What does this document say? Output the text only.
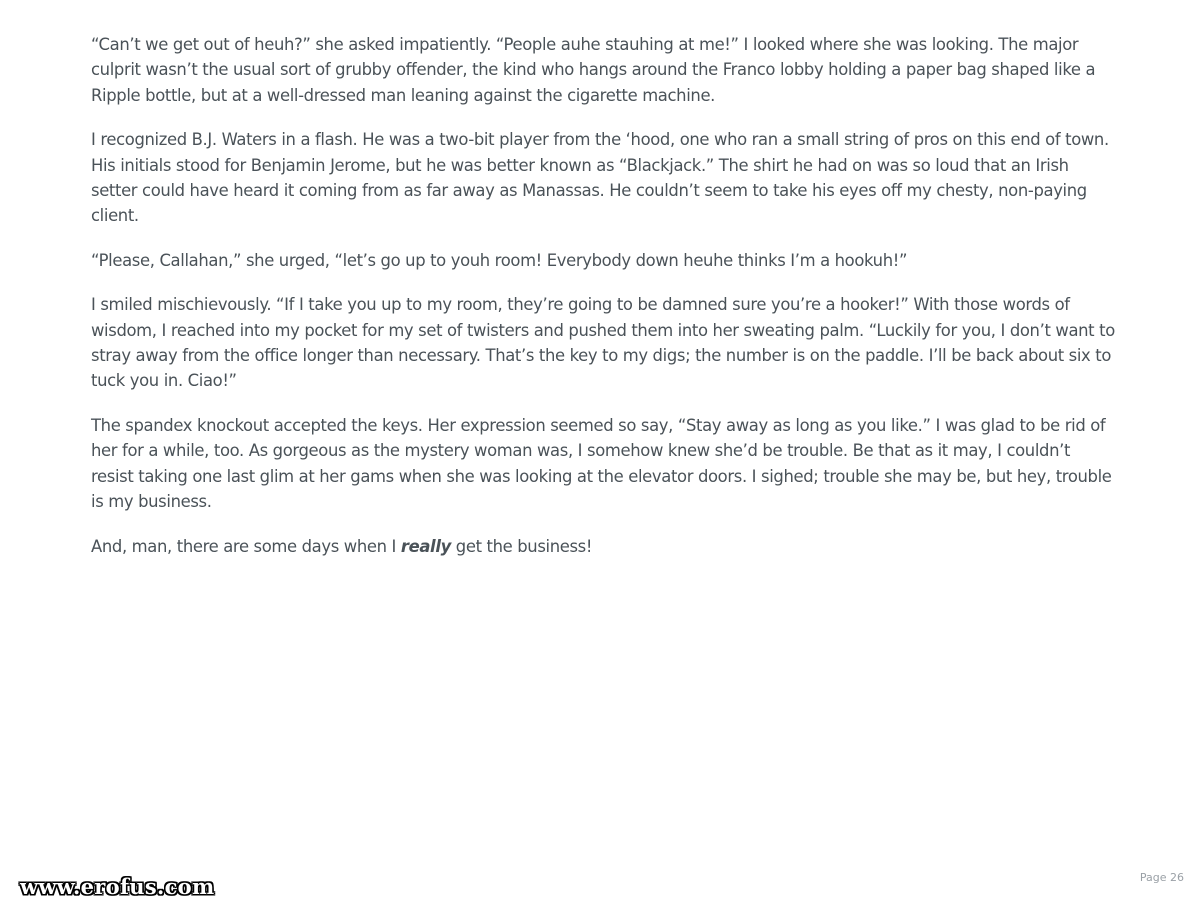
“Can’t we get out of heuh?” she asked impatiently. “People auhe stauhing at me!” I looked where she was looking. The major culprit wasn’t the usual sort of grubby offender, the kind who hangs around the Franco lobby holding a paper bag shaped like a Ripple bottle, but at a well-dressed man leaning against the cigarette machine.

I recognized B.J. Waters in a flash. He was a two-bit player from the ‘hood, one who ran a small string of pros on this end of town. His initials stood for Benjamin Jerome, but he was better known as “Blackjack.” The shirt he had on was so loud that an Irish setter could have heard it coming from as far away as Manassas. He couldn’t seem to take his eyes off my chesty, non-paying client.

“Please, Callahan,” she urged, “let’s go up to youh room! Everybody down heuhe thinks I’m a hookuh!”

I smiled mischievously. “If I take you up to my room, they’re going to be damned sure you’re a hooker!” With those words of wisdom, I reached into my pocket for my set of twisters and pushed them into her sweating palm. “Luckily for you, I don’t want to stray away from the office longer than necessary. That’s the key to my digs; the number is on the paddle. I’ll be back about six to tuck you in. Ciao!”

The spandex knockout accepted the keys. Her expression seemed so say, “Stay away as long as you like.” I was glad to be rid of her for a while, too. As gorgeous as the mystery woman was, I somehow knew she’d be trouble. Be that as it may, I couldn’t resist taking one last glim at her gams when she was looking at the elevator doors. I sighed; trouble she may be, but hey, trouble is my business.

And, man, there are some days when I really get the business!

www.erofus.com	Page 26
